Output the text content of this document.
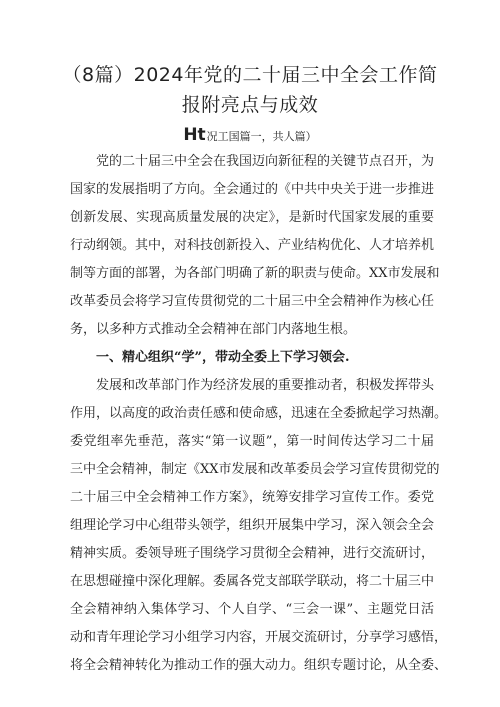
（8篇）2024年党的二十届三中全会工作简
报附亮点与成效
Ht况工国篇一，共人篇）
党的二十届三中全会在我国迈向新征程的关键节点召开，为
国家的发展指明了方向。全会通过的《中共中央关于进一步推进
创新发展、实现高质量发展的决定》，是新时代国家发展的重要
行动纲领。其中，对科技创新投入、产业结构优化、人才培养机
制等方面的部署，为各部门明确了新的职责与使命。XX市发展和
改革委员会将学习宣传贯彻党的二十届三中全会精神作为核心任
务，以多种方式推动全会精神在部门内落地生根。
一、精心组织“学”，带动全委上下学习领会.
发展和改革部门作为经济发展的重要推动者，积极发挥带头
作用，以高度的政治责任感和使命感，迅速在全委掀起学习热潮。
委党组率先垂范，落实“第一议题”，第一时间传达学习二十届
三中全会精神，制定《XX市发展和改革委员会学习宣传贯彻党的
二十届三中全会精神工作方案》，统筹安排学习宣传工作。委党
组理论学习中心组带头领学，组织开展集中学习，深入领会全会
精神实质。委领导班子围绕学习贯彻全会精神，进行交流研讨，
在思想碰撞中深化理解。委属各党支部联学联动，将二十届三中
全会精神纳入集体学习、个人自学、“三会一课”、主题党日活
动和青年理论学习小组学习内容，开展交流研讨，分享学习感悟，
将全会精神转化为推动工作的强大动力。组织专题讨论，从全委、
